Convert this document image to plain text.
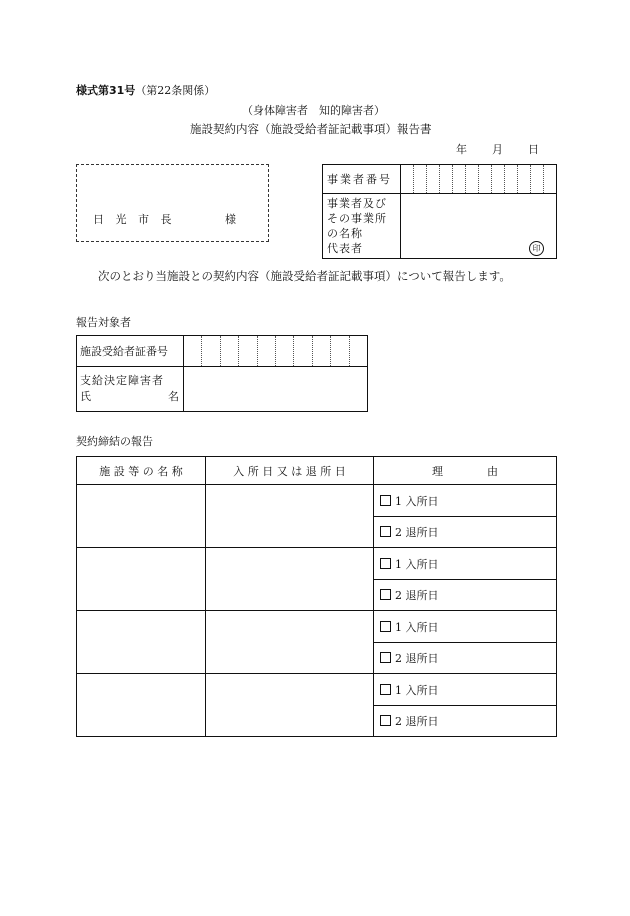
様式第31号（第22条関係）
（身体障害者　知的障害者）
施設契約内容（施設受給者証記載事項）報告書
年 月 日
日 光 市 長	様
事業者番号	

事業者及び
その事業所
の名称
代表者	印
次のとおり当施設との契約内容（施設受給者証記載事項）について報告します。
報告対象者
施設受給者証番号	

支給決定障害者
氏 名	

契約締結の報告
施 設 等 の 名 称	入 所 日 又 は 退 所 日	理　　　　由
		1 入所日
		2 退所日
		1 入所日
		2 退所日
		1 入所日
		2 退所日
		1 入所日
		2 退所日
